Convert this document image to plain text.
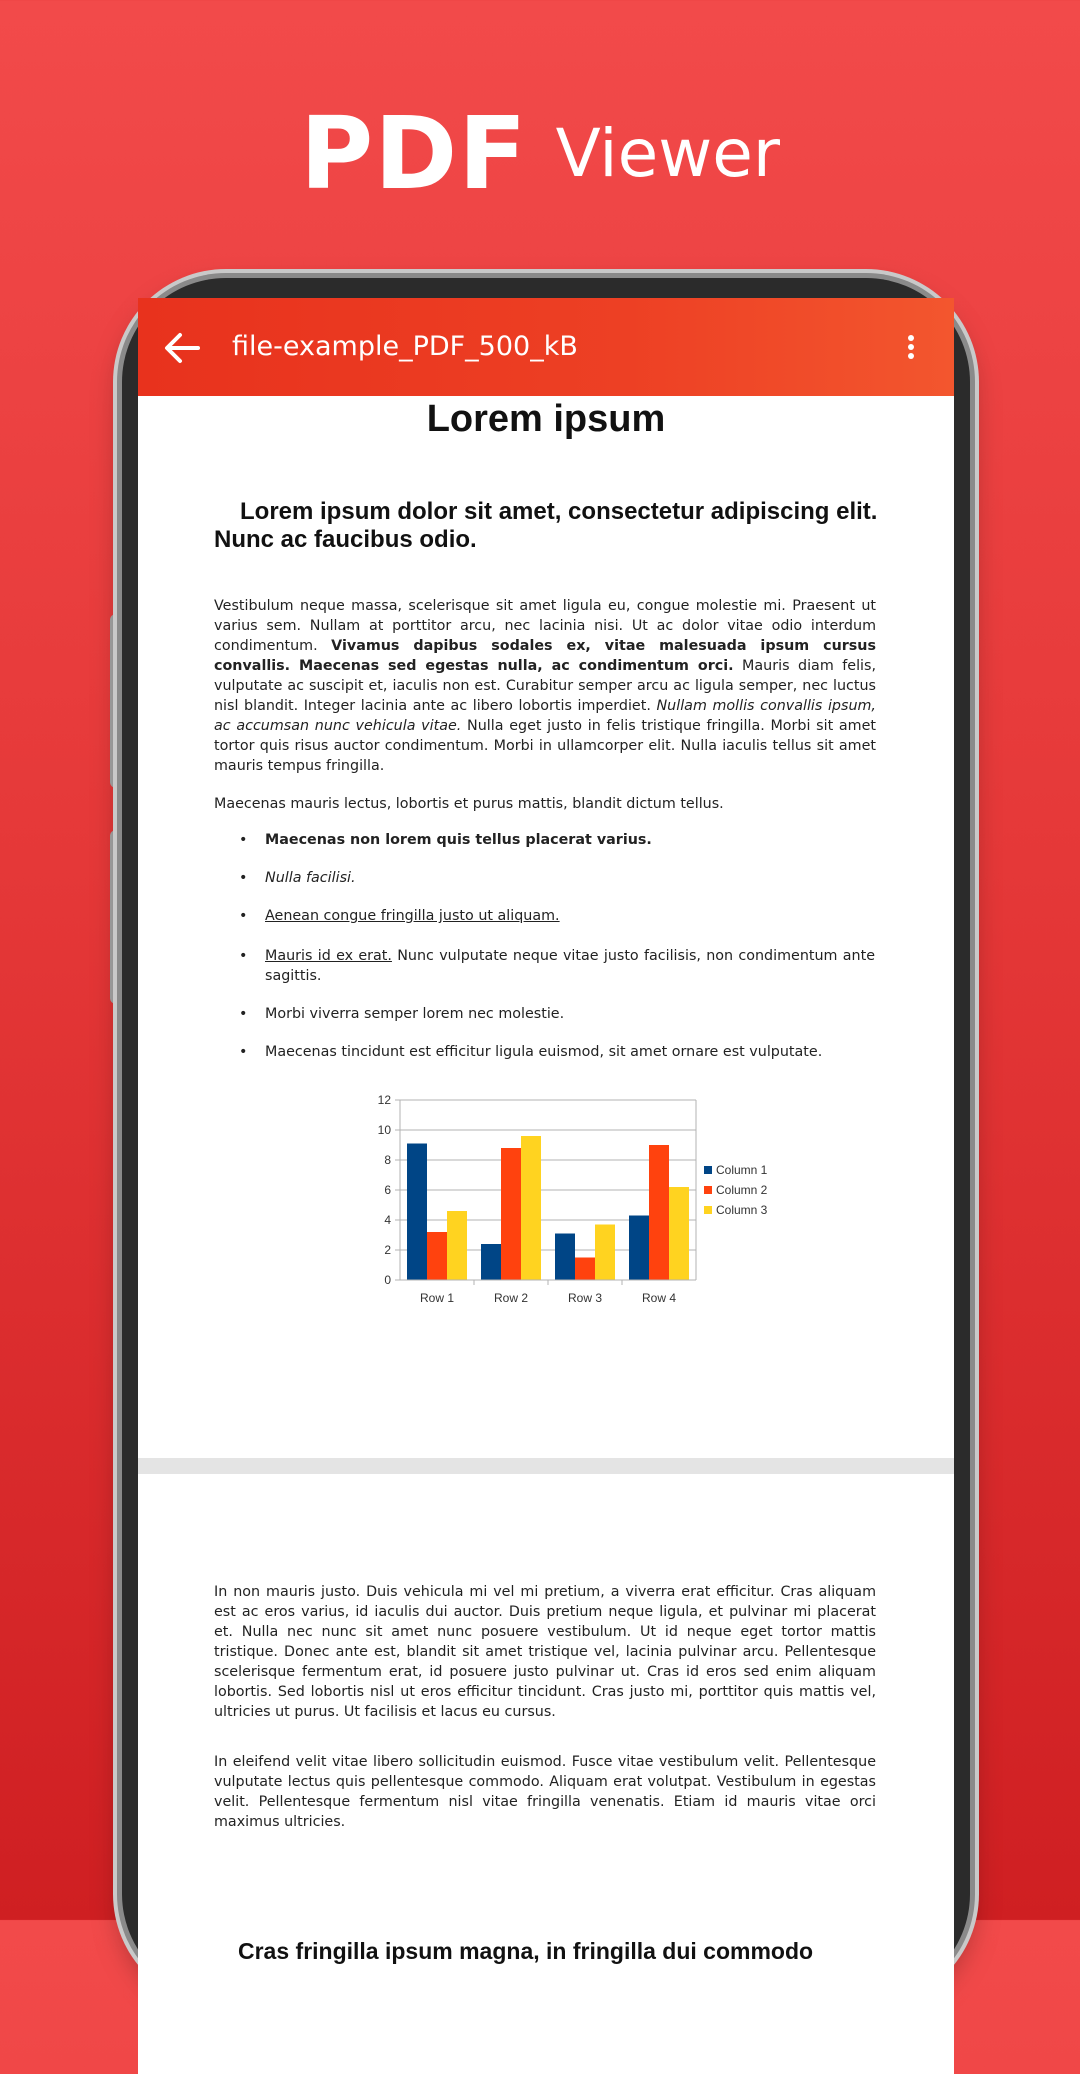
PDF Viewer
file-example_PDF_500_kB
Lorem ipsum
Lorem ipsum dolor sit amet, consectetur adipiscing elit. Nunc ac faucibus odio.
Vestibulum neque massa, scelerisque sit amet ligula eu, congue molestie mi. Praesent ut varius sem. Nullam at porttitor arcu, nec lacinia nisi. Ut ac dolor vitae odio interdum condimentum. Vivamus dapibus sodales ex, vitae malesuada ipsum cursus convallis. Maecenas sed egestas nulla, ac condimentum orci. Mauris diam felis, vulputate ac suscipit et, iaculis non est. Curabitur semper arcu ac ligula semper, nec luctus nisl blandit. Integer lacinia ante ac libero lobortis imperdiet. Nullam mollis convallis ipsum, ac accumsan nunc vehicula vitae. Nulla eget justo in felis tristique fringilla. Morbi sit amet tortor quis risus auctor condimentum. Morbi in ullamcorper elit. Nulla iaculis tellus sit amet mauris tempus fringilla.
Maecenas mauris lectus, lobortis et purus mattis, blandit dictum tellus.
• Maecenas non lorem quis tellus placerat varius.
• Nulla facilisi.
• Aenean congue fringilla justo ut aliquam.
• Mauris id ex erat. Nunc vulputate neque vitae justo facilisis, non condimentum ante sagittis.
• Morbi viverra semper lorem nec molestie.
• Maecenas tincidunt est efficitur ligula euismod, sit amet ornare est vulputate.
0
2
4
6
8
10
12
Row 1	Row 2	Row 3	Row 4
Column 1
Column 2
Column 3
In non mauris justo. Duis vehicula mi vel mi pretium, a viverra erat efficitur. Cras aliquam est ac eros varius, id iaculis dui auctor. Duis pretium neque ligula, et pulvinar mi placerat et. Nulla nec nunc sit amet nunc posuere vestibulum. Ut id neque eget tortor mattis tristique. Donec ante est, blandit sit amet tristique vel, lacinia pulvinar arcu. Pellentesque scelerisque fermentum erat, id posuere justo pulvinar ut. Cras id eros sed enim aliquam lobortis. Sed lobortis nisl ut eros efficitur tincidunt. Cras justo mi, porttitor quis mattis vel, ultricies ut purus. Ut facilisis et lacus eu cursus.
In eleifend velit vitae libero sollicitudin euismod. Fusce vitae vestibulum velit. Pellentesque vulputate lectus quis pellentesque commodo. Aliquam erat volutpat. Vestibulum in egestas velit. Pellentesque fermentum nisl vitae fringilla venenatis. Etiam id mauris vitae orci maximus ultricies.
Cras fringilla ipsum magna, in fringilla dui commodo
